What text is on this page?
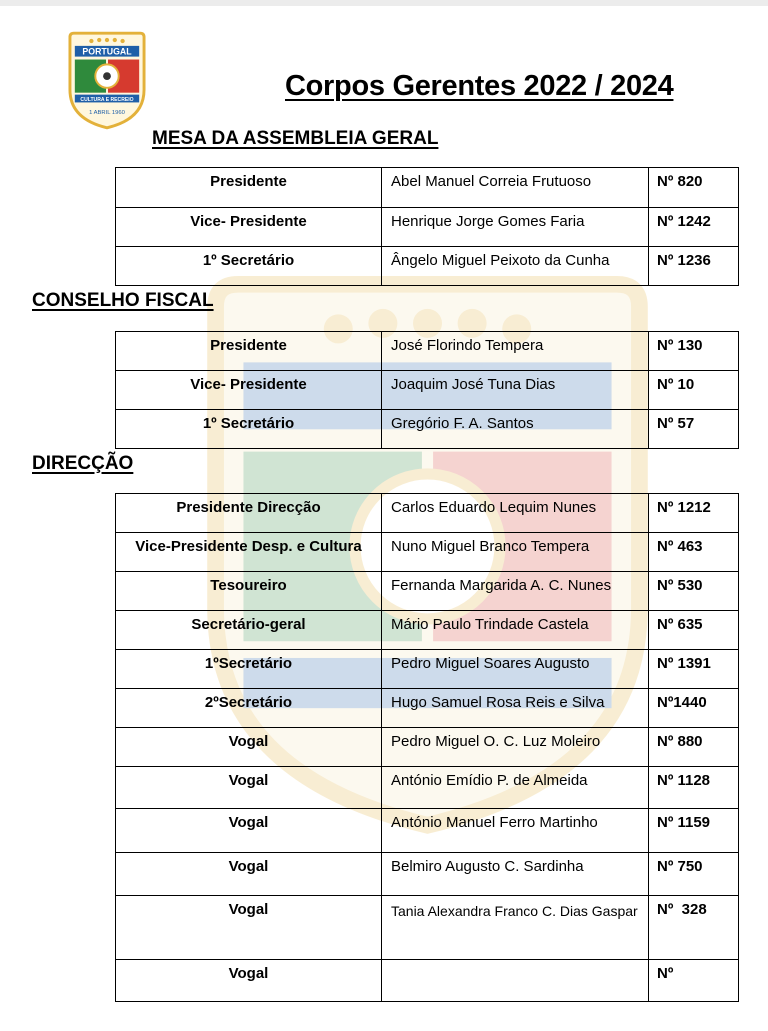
PORTUGAL
CULTURA E RECREIO
1 ABRIL 1960
Corpos Gerentes 2022 / 2024
MESA DA ASSEMBLEIA GERAL
CONSELHO FISCAL
DIRECÇÃO
Presidente	Abel Manuel Correia Frutuoso	Nº 820

Vice- Presidente	Henrique Jorge Gomes Faria	Nº 1242

1º Secretário	Ângelo Miguel Peixoto da Cunha	Nº 1236
Presidente	José Florindo Tempera	Nº 130

Vice- Presidente	Joaquim José Tuna Dias	Nº 10

1º Secretário	Gregório F. A. Santos	Nº 57
Presidente Direcção	Carlos Eduardo Lequim Nunes	Nº 1212

Vice-Presidente Desp. e Cultura	Nuno Miguel Branco Tempera	Nº 463

Tesoureiro	Fernanda Margarida A. C. Nunes	Nº 530

Secretário-geral	Mário Paulo Trindade Castela	Nº 635

1ºSecretário	Pedro Miguel Soares Augusto	Nº 1391

2ºSecretário	Hugo Samuel Rosa Reis e Silva	Nº1440

Vogal	Pedro Miguel O. C. Luz Moleiro	Nº 880

Vogal	António Emídio P. de Almeida	Nº 1128

Vogal	António Manuel Ferro Martinho	Nº 1159

Vogal	Belmiro Augusto C. Sardinha	Nº 750

Vogal	Tania Alexandra Franco C. Dias Gaspar	Nº  328

Vogal		Nº
